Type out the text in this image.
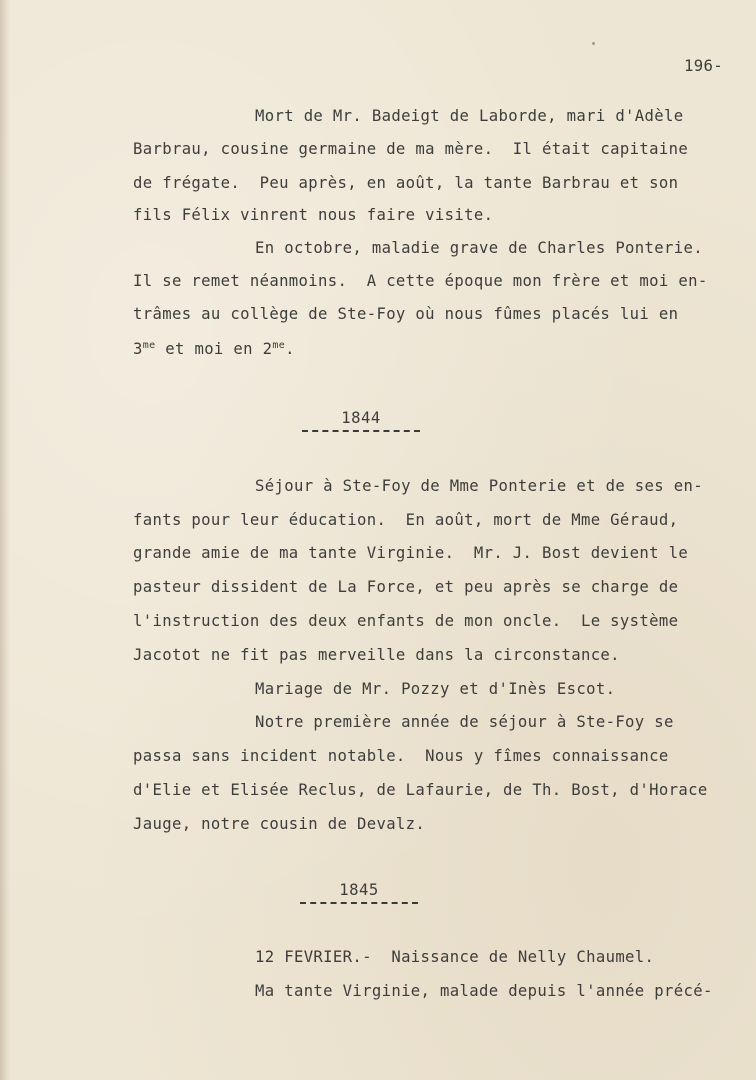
196-
Mort de Mr. Badeigt de Laborde, mari d'Adèle
Barbrau, cousine germaine de ma mère.  Il était capitaine
de frégate.  Peu après, en août, la tante Barbrau et son
fils Félix vinrent nous faire visite.
En octobre, maladie grave de Charles Ponterie.
Il se remet néanmoins.  A cette époque mon frère et moi en-
trâmes au collège de Ste-Foy où nous fûmes placés lui en
$3^{me}$ et moi en $2^{me}$.
1844
Séjour à Ste-Foy de Mme Ponterie et de ses en-
fants pour leur éducation.  En août, mort de Mme Géraud,
grande amie de ma tante Virginie.  Mr. J. Bost devient le
pasteur dissident de La Force, et peu après se charge de
l'instruction des deux enfants de mon oncle.  Le système
Jacotot ne fit pas merveille dans la circonstance.
Mariage de Mr. Pozzy et d'Inès Escot.
Notre première année de séjour à Ste-Foy se
passa sans incident notable.  Nous y fîmes connaissance
d'Elie et Elisée Reclus, de Lafaurie, de Th. Bost, d'Horace
Jauge, notre cousin de Devalz.
1845
12 FEVRIER.-  Naissance de Nelly Chaumel.
Ma tante Virginie, malade depuis l'année précé-
